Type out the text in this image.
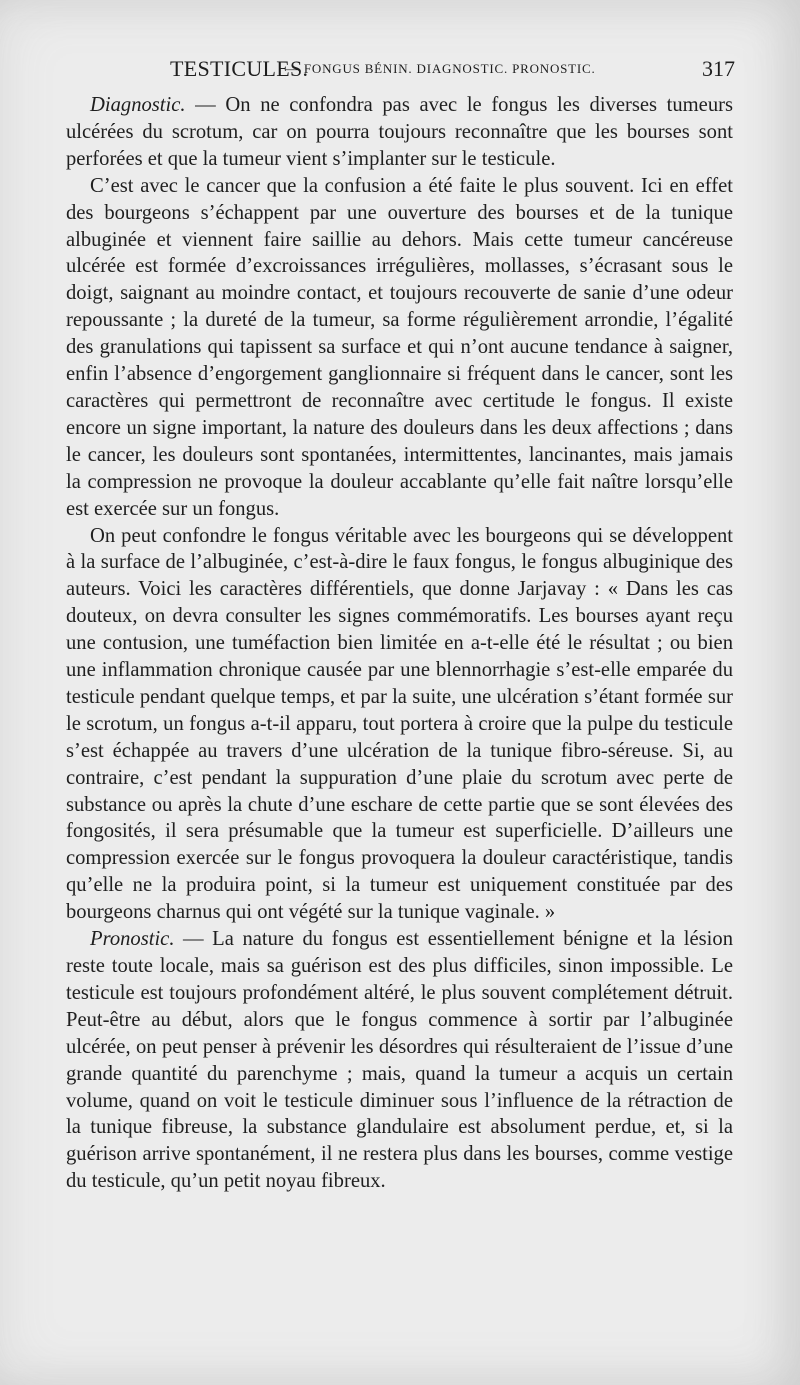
TESTICULES.
— FONGUS BÉNIN. DIAGNOSTIC. PRONOSTIC.	317

Diagnostic. — On ne confondra pas avec le fongus les diverses tumeurs ulcérées du scrotum, car on pourra toujours reconnaître que les bourses sont perforées et que la tumeur vient s’implanter sur le testicule.

C’est avec le cancer que la confusion a été faite le plus souvent. Ici en effet des bourgeons s’échappent par une ouverture des bourses et de la tunique albuginée et viennent faire saillie au dehors. Mais cette tumeur cancéreuse ulcérée est formée d’excroissances irrégulières, mollasses, s’écrasant sous le doigt, saignant au moindre contact, et toujours recouverte de sanie d’une odeur repoussante ; la dureté de la tumeur, sa forme régulièrement arrondie, l’égalité des granulations qui tapissent sa surface et qui n’ont aucune tendance à saigner, enfin l’absence d’engorgement ganglionnaire si fréquent dans le cancer, sont les caractères qui permettront de reconnaître avec certitude le fongus. Il existe encore un signe important, la nature des douleurs dans les deux affections ; dans le cancer, les douleurs sont spontanées, intermittentes, lancinantes, mais jamais la compression ne provoque la douleur accablante qu’elle fait naître lorsqu’elle est exercée sur un fongus.

On peut confondre le fongus véritable avec les bourgeons qui se développent à la surface de l’albuginée, c’est-à-dire le faux fongus, le fongus albuginique des auteurs. Voici les caractères différentiels, que donne Jarjavay : « Dans les cas douteux, on devra consulter les signes commémoratifs. Les bourses ayant reçu une contusion, une tuméfaction bien limitée en a-t-elle été le résultat ; ou bien une inflammation chronique causée par une blennorrhagie s’est-elle emparée du testicule pendant quelque temps, et par la suite, une ulcération s’étant formée sur le scrotum, un fongus a-t-il apparu, tout portera à croire que la pulpe du testicule s’est échappée au travers d’une ulcération de la tunique fibro-séreuse. Si, au contraire, c’est pendant la suppuration d’une plaie du scrotum avec perte de substance ou après la chute d’une eschare de cette partie que se sont élevées des fongosités, il sera présumable que la tumeur est superficielle. D’ailleurs une compression exercée sur le fongus provoquera la douleur caractéristique, tandis qu’elle ne la produira point, si la tumeur est uniquement constituée par des bourgeons charnus qui ont végété sur la tunique vaginale. »

Pronostic. — La nature du fongus est essentiellement bénigne et la lésion reste toute locale, mais sa guérison est des plus difficiles, sinon impossible. Le testicule est toujours profondément altéré, le plus souvent complétement détruit. Peut-être au début, alors que le fongus commence à sortir par l’albuginée ulcérée, on peut penser à prévenir les désordres qui résulteraient de l’issue d’une grande quantité du parenchyme ; mais, quand la tumeur a acquis un certain volume, quand on voit le testicule diminuer sous l’influence de la rétraction de la tunique fibreuse, la substance glandulaire est absolument perdue, et, si la guérison arrive spontanément, il ne restera plus dans les bourses, comme vestige du testicule, qu’un petit noyau fibreux.
